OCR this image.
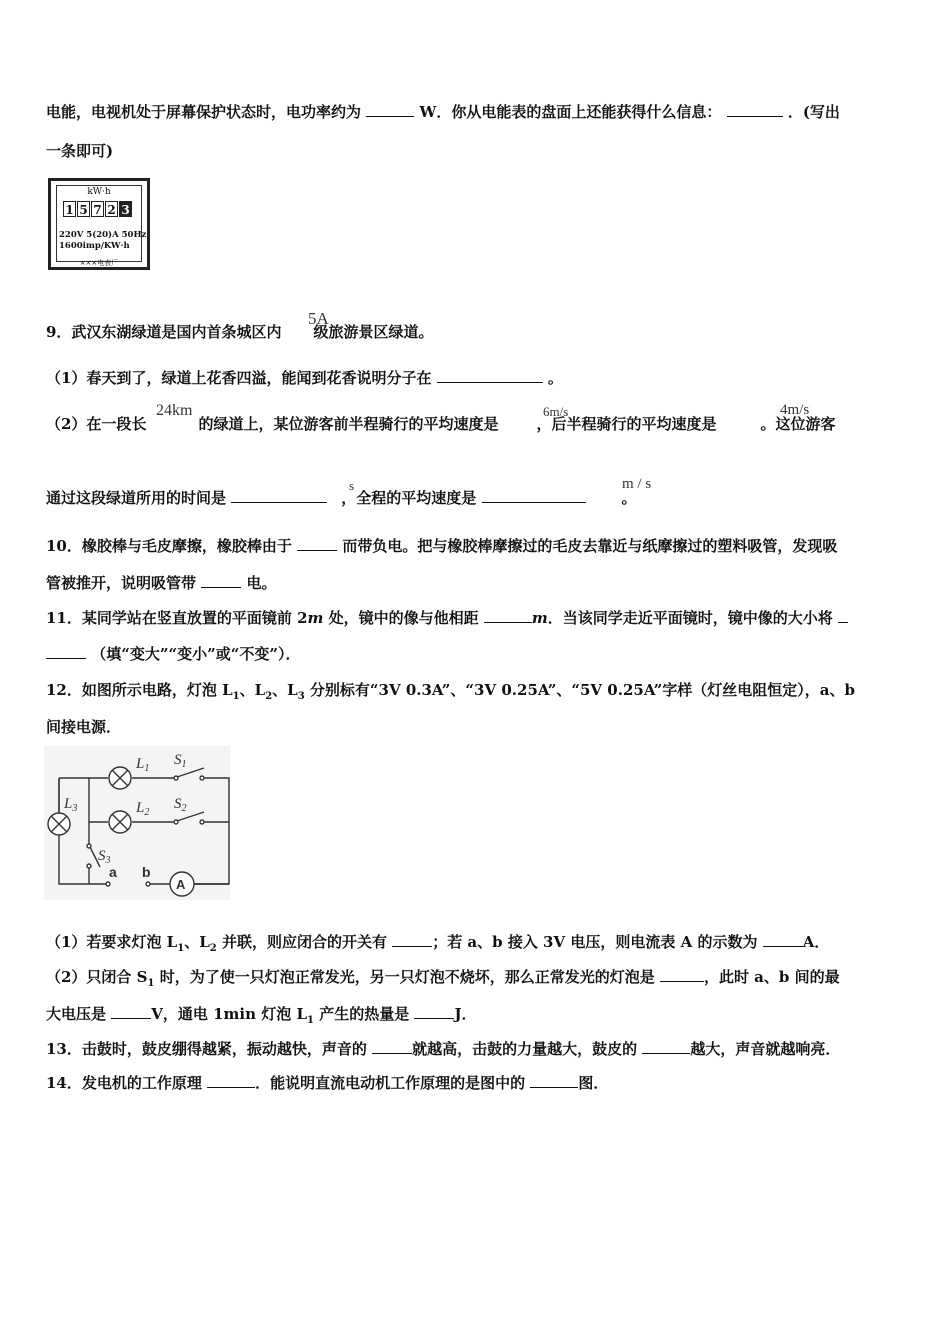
电能，电视机处于屏幕保护状态时，电功率约为	W．你从电能表的盘面上还能获得什么信息：	．(写出
一条即可)
kW·h
1 5 7 2 3
220V 5(20)A 50Hz
1600imp/KW·h
×××电表厂
5A
9．武汉东湖绿道是国内首条城区内 级旅游景区绿道。
（1）春天到了，绿道上花香四溢，能闻到花香说明分子在	。
24km	6m/s	4m/s
（2）在一段长	的绿道上，某位游客前半程骑行的平均速度是	，后半程骑行的平均速度是	。这位游客
s	m / s
通过这段绿道所用的时间是	，全程的平均速度是	。
10．橡胶棒与毛皮摩擦，橡胶棒由于	而带负电。把与橡胶棒摩擦过的毛皮去靠近与纸摩擦过的塑料吸管，发现吸
管被推开，说明吸管带	电。
11．某同学站在竖直放置的平面镜前 2m 处，镜中的像与他相距	m．当该同学走近平面镜时，镜中像的大小将
（填“变大”“变小”或“不变”）．
12．如图所示电路，灯泡 $L_1$、$L_2$、$L_3$ 分别标有“3V 0.3A”、“3V 0.25A”、“5V 0.25A”字样（灯丝电阻恒定），a、b
间接电源．
$L_1$
$L_2$
$L_3$
$S_1$
$S_2$
$S_3$
a b
A
（1）若要求灯泡 $L_1$、$L_2$ 并联，则应闭合的开关有	；若 a、b 接入 3V 电压，则电流表 A 的示数为	A．
（2）只闭合 $S_1$ 时，为了使一只灯泡正常发光，另一只灯泡不烧坏，那么正常发光的灯泡是	，此时 a、b 间的最
大电压是	V，通电 1min 灯泡 $L_1$ 产生的热量是	J．
13．击鼓时，鼓皮绷得越紧，振动越快，声音的	就越高，击鼓的力量越大，鼓皮的	越大，声音就越响亮．
14．发电机的工作原理	．能说明直流电动机工作原理的是图中的	图．
